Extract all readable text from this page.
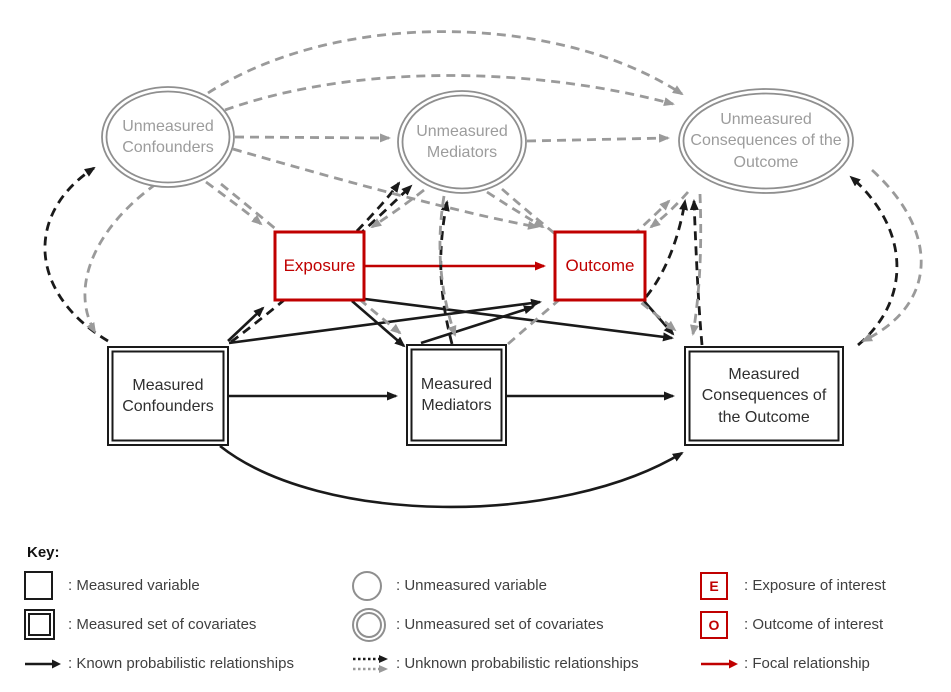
Unmeasured Confounders
Unmeasured Mediators
Unmeasured Consequences of the Outcome
Exposure	Outcome
Measured Confounders
Measured Mediators
Measured Consequences of the Outcome
Key:
: Measured variable
: Measured set of covariates
: Known probabilistic relationships
: Unmeasured variable
: Unmeasured set of covariates
: Unknown probabilistic relationships
E	: Exposure of interest
O	: Outcome of interest
: Focal relationship
